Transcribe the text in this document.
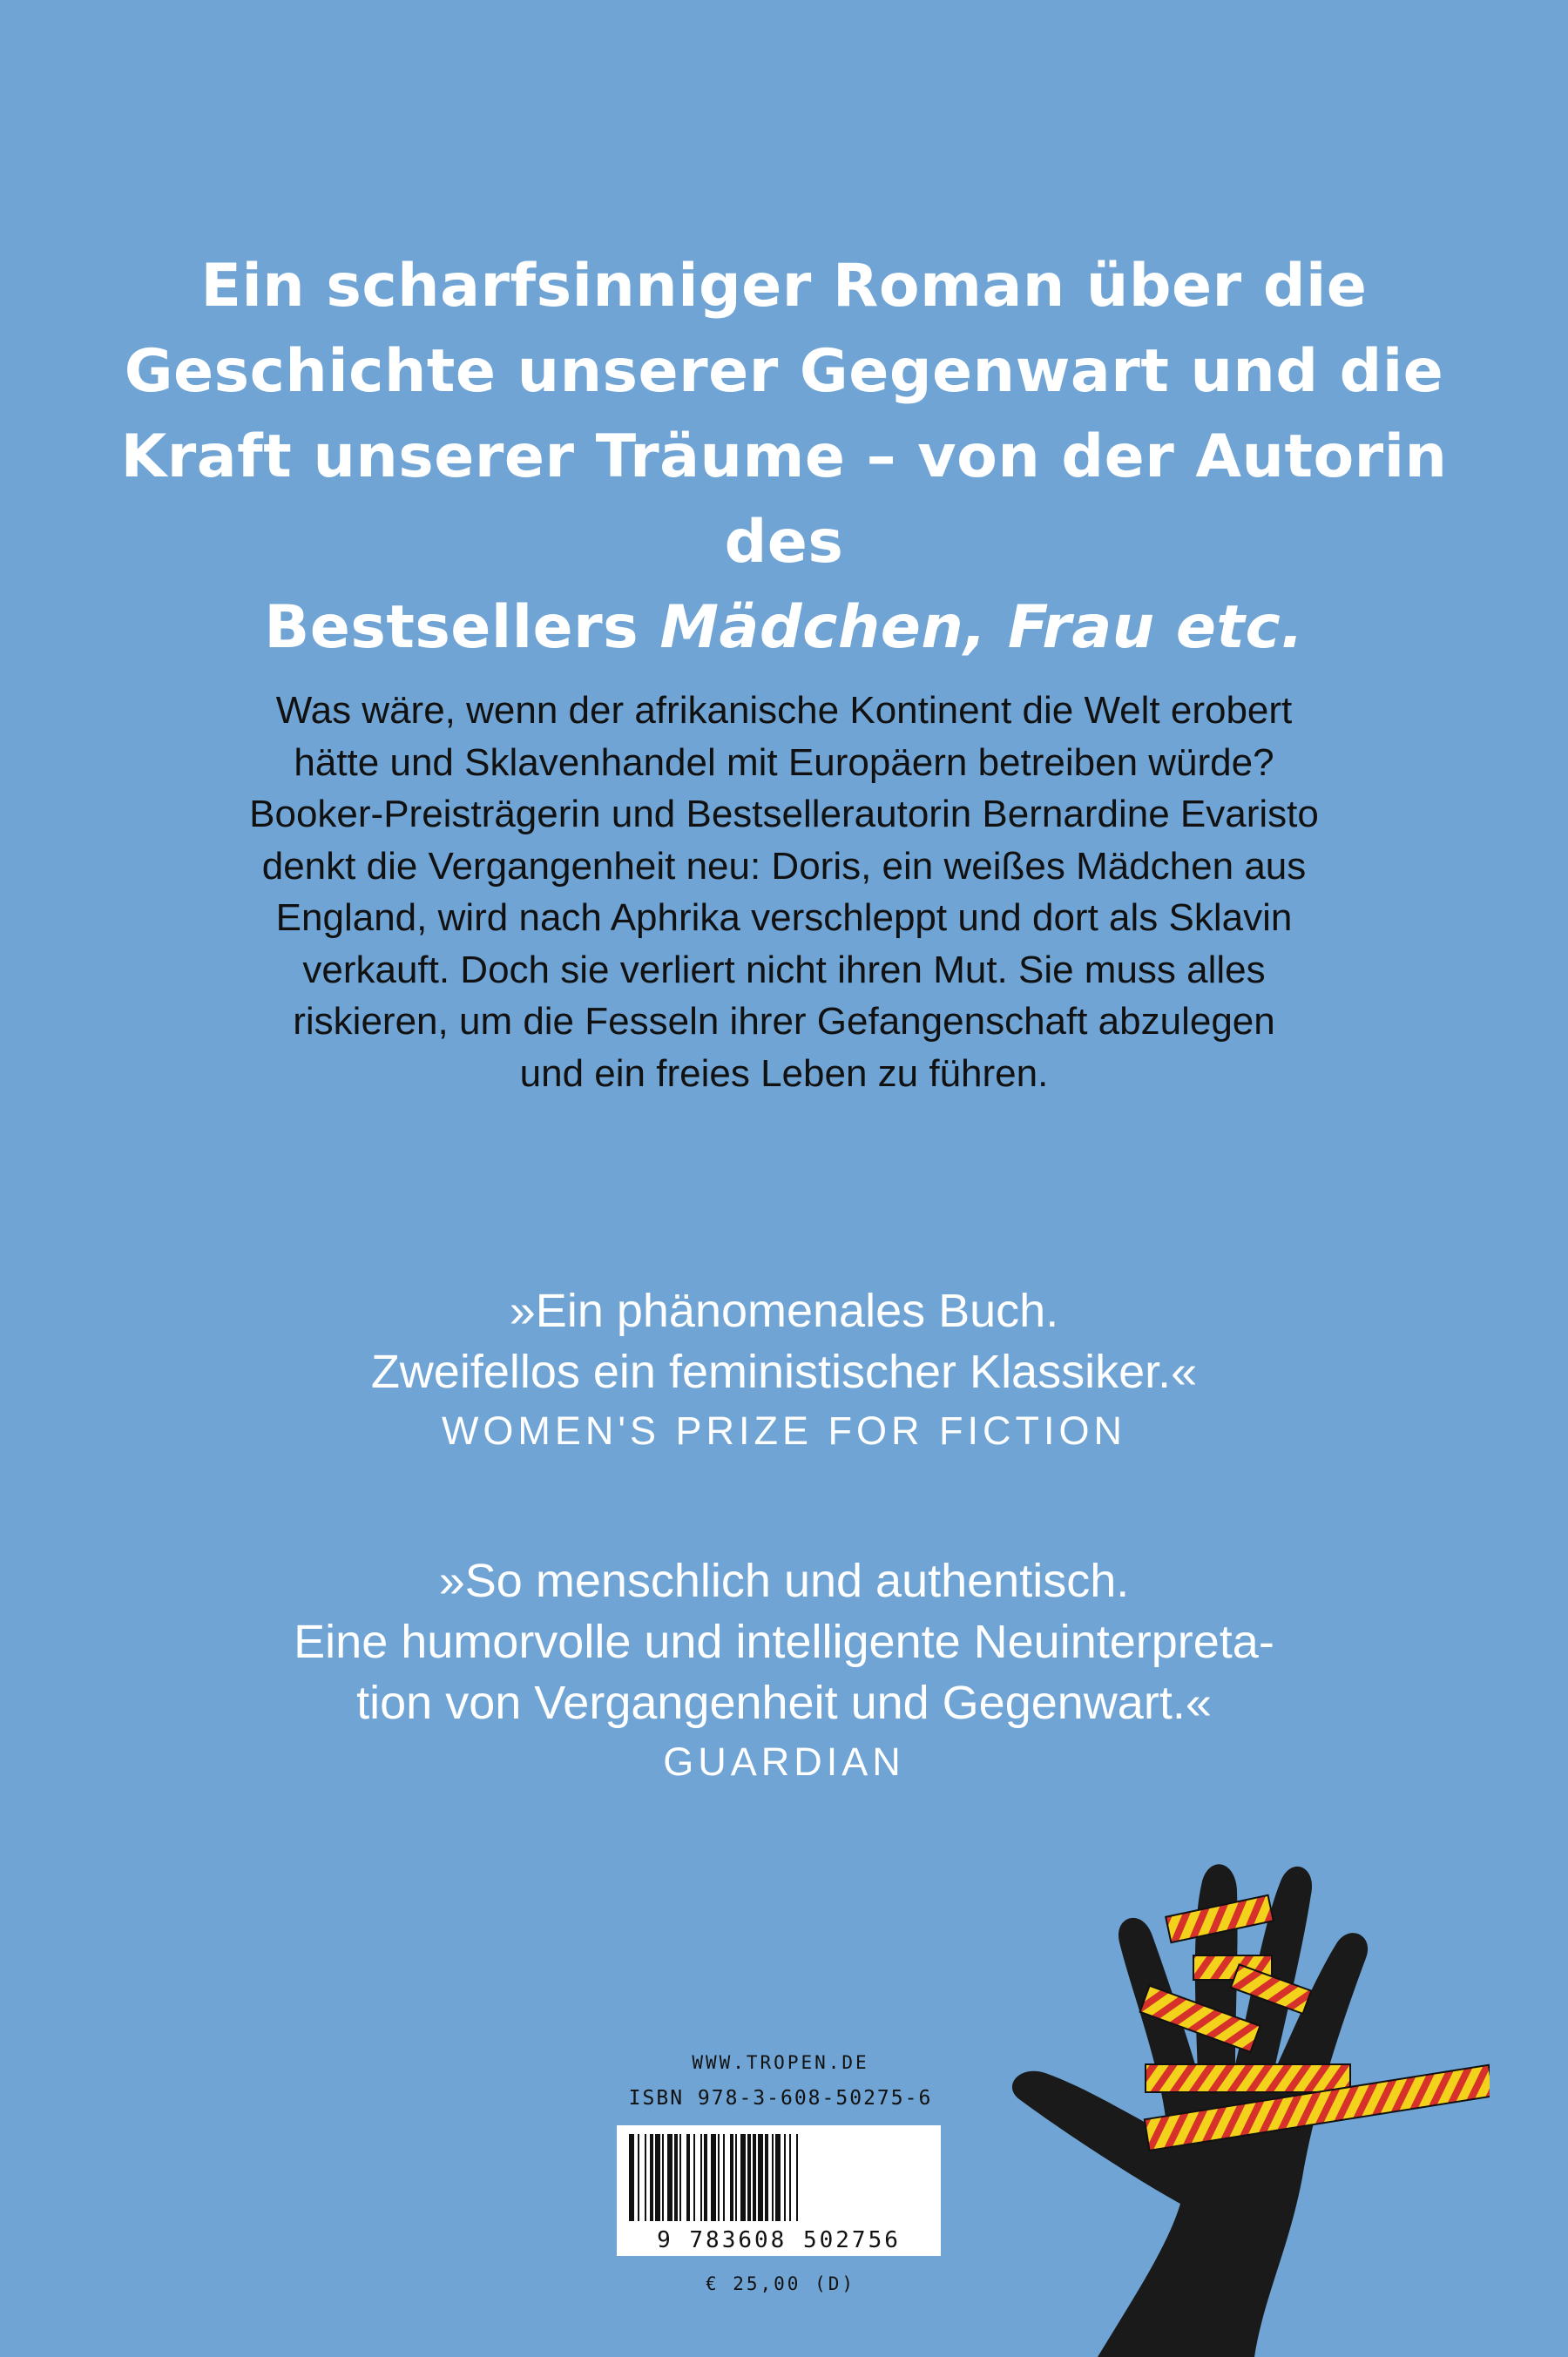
Ein scharfsinniger Roman über die
Geschichte unserer Gegenwart und die
Kraft unserer Träume – von der Autorin des
Bestsellers Mädchen, Frau etc.
Was wäre, wenn der afrikanische Kontinent die Welt erobert
hätte und Sklavenhandel mit Europäern betreiben würde?
Booker-Preisträgerin und Bestsellerautorin Bernardine Evaristo
denkt die Vergangenheit neu: Doris, ein weißes Mädchen aus
England, wird nach Aphrika verschleppt und dort als Sklavin
verkauft. Doch sie verliert nicht ihren Mut. Sie muss alles
riskieren, um die Fesseln ihrer Gefangenschaft abzulegen
und ein freies Leben zu führen.
»Ein phänomenales Buch.
Zweifellos ein feministischer Klassiker.«
WOMEN'S PRIZE FOR FICTION
»So menschlich und authentisch.
Eine humorvolle und intelligente Neuinterpreta-
tion von Vergangenheit und Gegenwart.«
GUARDIAN
WWW.TROPEN.DE
ISBN 978-3-608-50275-6
9 783608 502756
€ 25,00 (D)
